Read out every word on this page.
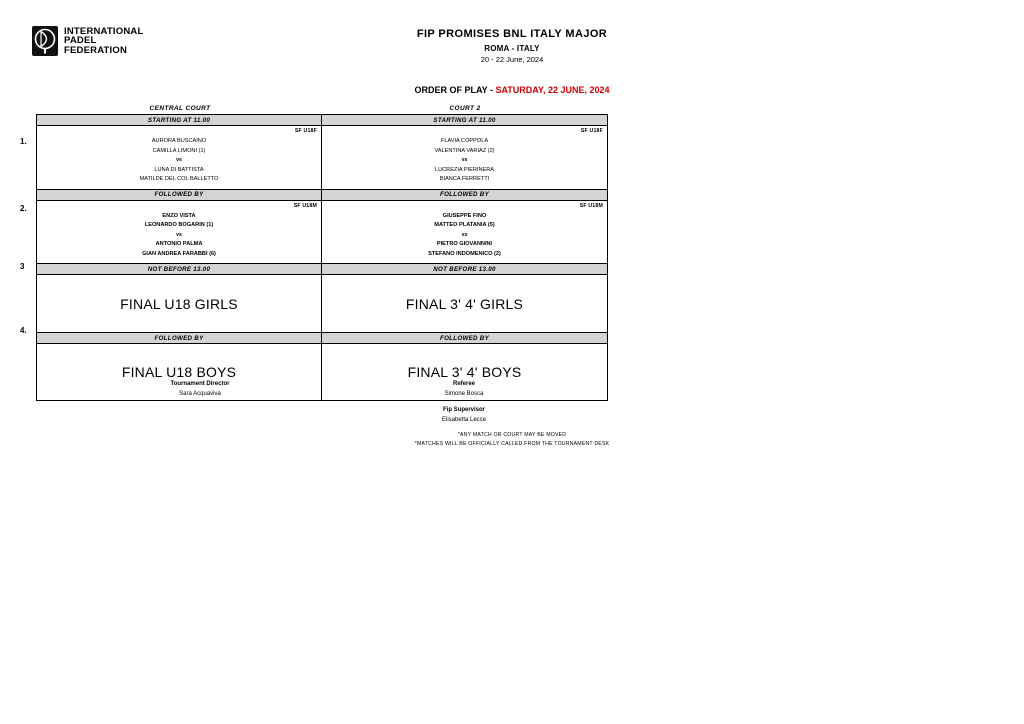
INTERNATIONAL
PADEL
FEDERATION
FIP PROMISES BNL ITALY MAJOR
ROMA - ITALY
20 - 22 June, 2024
ORDER OF PLAY - SATURDAY, 22 JUNE, 2024
CENTRAL COURT	COURT 2
1.
2.
3
4.
STARTING AT 11.00	STARTING AT 11.00
SF U18F
AURORA BUSCAINO
CAMILLA LIMONI (1)
vs
LUNA DI BATTISTA
MATILDE DEL COL BALLETTO
SF U18F
FLAVIA COPPOLA
VALENTINA VARIAZ (2)
vs
LUCREZIA PIERINERA
BIANCA FERRETTI
FOLLOWED BY	FOLLOWED BY
SF U18M
ENZO VISTA
LEONARDO BOGARIN (1)
vs
ANTONIO PALMA
GIAN ANDREA FARABBI (6)
SF U18M
GIUSEPPE FINO
MATTEO PLATANIA (5)
vs
PIETRO GIOVANNINI
STEFANO INDOMENICO (2)
NOT BEFORE 13.00	NOT BEFORE 13.00
FINAL U18 GIRLS	FINAL 3' 4' GIRLS
FOLLOWED BY	FOLLOWED BY
FINAL U18 BOYS	FINAL 3' 4' BOYS
Tournament Director
Sara Acquaviva
Referee
Simone Bosca
Fip Supervisor
Elisabetta Lecce
*ANY MATCH OR COURT MAY BE MOVED
*MATCHES WILL BE OFFICIALLY CALLED FROM THE TOURNAMENT DESK
